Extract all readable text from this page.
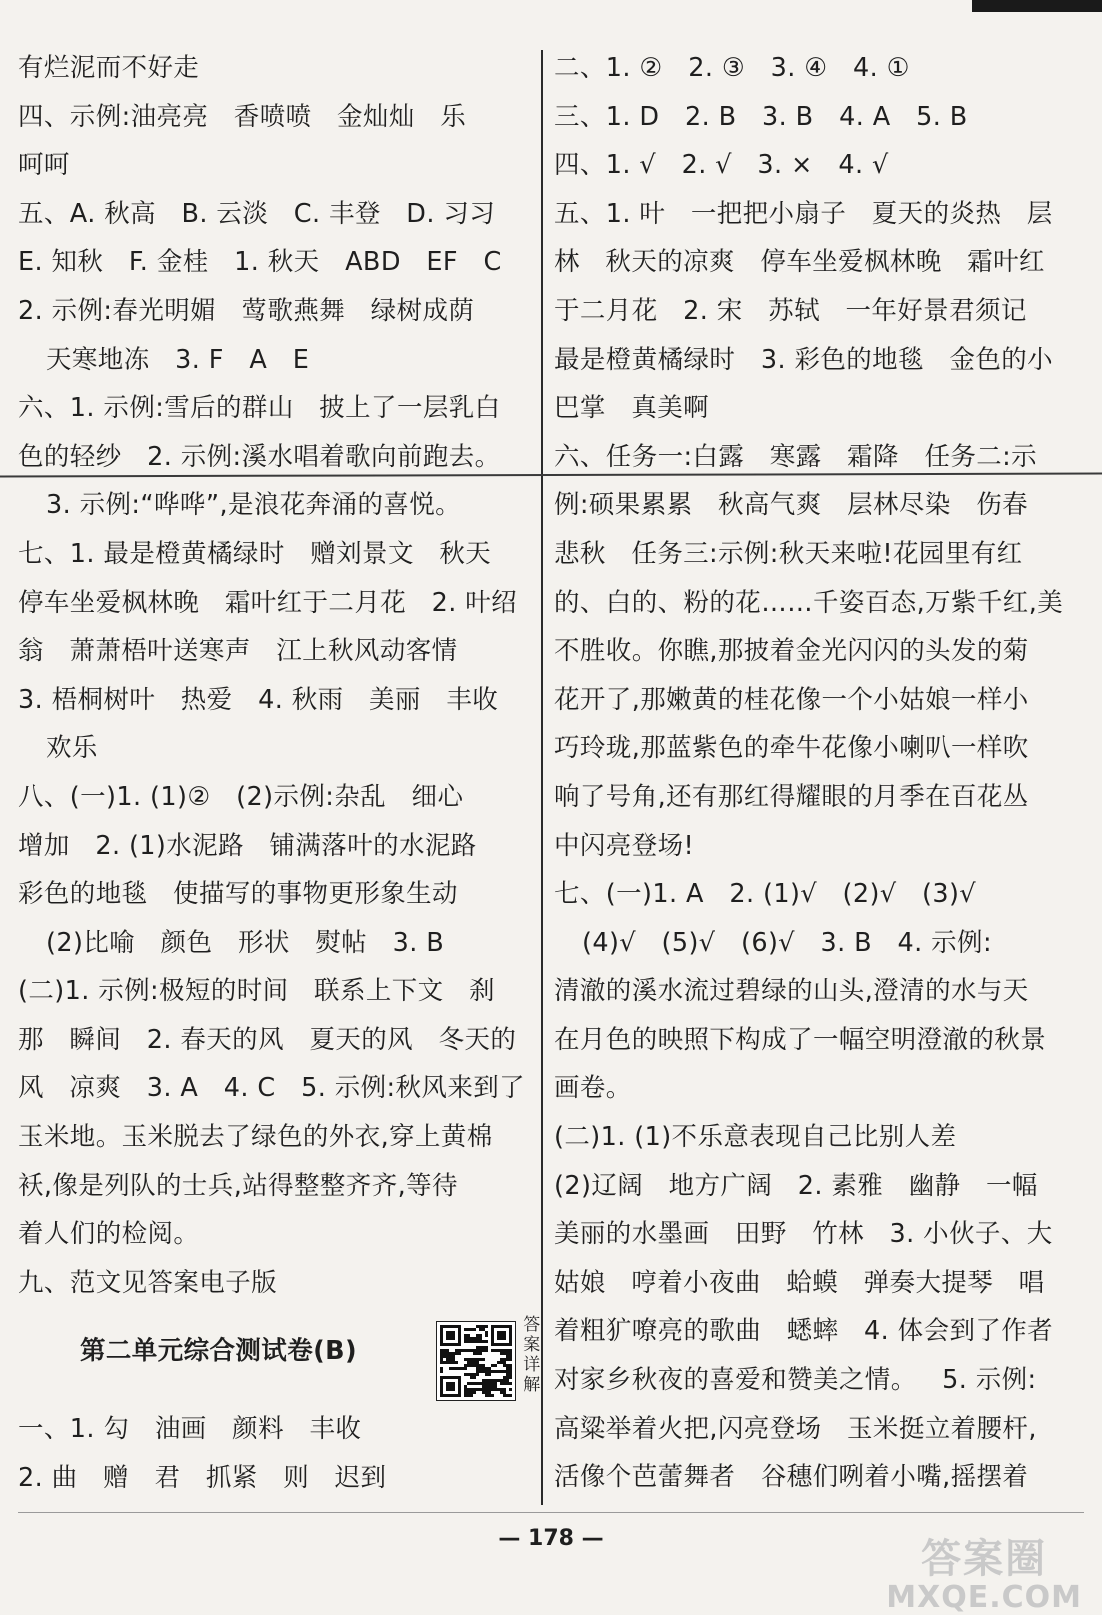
有烂泥而不好走
四、示例:油亮亮   香喷喷   金灿灿   乐
呵呵
五、A. 秋高   B. 云淡   C. 丰登   D. 习习
E. 知秋   F. 金桂   1. 秋天   ABD   EF   C
2. 示例:春光明媚   莺歌燕舞   绿树成荫
天寒地冻   3. F   A   E
六、1. 示例:雪后的群山   披上了一层乳白
色的轻纱   2. 示例:溪水唱着歌向前跑去。
3. 示例:“哗哗”,是浪花奔涌的喜悦。
七、1. 最是橙黄橘绿时   赠刘景文   秋天
停车坐爱枫林晚   霜叶红于二月花   2. 叶绍
翁   萧萧梧叶送寒声   江上秋风动客情
3. 梧桐树叶   热爱   4. 秋雨   美丽   丰收
欢乐
八、(一)1. (1)②   (2)示例:杂乱   细心
增加   2. (1)水泥路   铺满落叶的水泥路
彩色的地毯   使描写的事物更形象生动
(2)比喻   颜色   形状   熨帖   3. B
(二)1. 示例:极短的时间   联系上下文   刹
那   瞬间   2. 春天的风   夏天的风   冬天的
风   凉爽   3. A   4. C   5. 示例:秋风来到了
玉米地。玉米脱去了绿色的外衣,穿上黄棉
袄,像是列队的士兵,站得整整齐齐,等待
着人们的检阅。
九、范文见答案电子版
第二单元综合测试卷(B)
答案详解
一、1. 勾   油画   颜料   丰收
2. 曲   赠   君   抓紧   则   迟到
二、1. ②   2. ③   3. ④   4. ①
三、1. D   2. B   3. B   4. A   5. B
四、1. √   2. √   3. ×   4. √
五、1. 叶   一把把小扇子   夏天的炎热   层
林   秋天的凉爽   停车坐爱枫林晚   霜叶红
于二月花   2. 宋   苏轼   一年好景君须记
最是橙黄橘绿时   3. 彩色的地毯   金色的小
巴掌   真美啊
六、任务一:白露   寒露   霜降   任务二:示
例:硕果累累   秋高气爽   层林尽染   伤春
悲秋   任务三:示例:秋天来啦!花园里有红
的、白的、粉的花……千姿百态,万紫千红,美
不胜收。你瞧,那披着金光闪闪的头发的菊
花开了,那嫩黄的桂花像一个小姑娘一样小
巧玲珑,那蓝紫色的牵牛花像小喇叭一样吹
响了号角,还有那红得耀眼的月季在百花丛
中闪亮登场!
七、(一)1. A   2. (1)√   (2)√   (3)√
(4)√   (5)√   (6)√   3. B   4. 示例:
清澈的溪水流过碧绿的山头,澄清的水与天
在月色的映照下构成了一幅空明澄澈的秋景
画卷。
(二)1. (1)不乐意表现自己比别人差
(2)辽阔   地方广阔   2. 素雅   幽静   一幅
美丽的水墨画   田野   竹林   3. 小伙子、大
姑娘   哼着小夜曲   蛤蟆   弹奏大提琴   唱
着粗犷嘹亮的歌曲   蟋蟀   4. 体会到了作者
对家乡秋夜的喜爱和赞美之情。   5. 示例:
高粱举着火把,闪亮登场   玉米挺立着腰杆,
活像个芭蕾舞者   谷穗们咧着小嘴,摇摆着
— 178 —	答案圈
MXQE.COM
